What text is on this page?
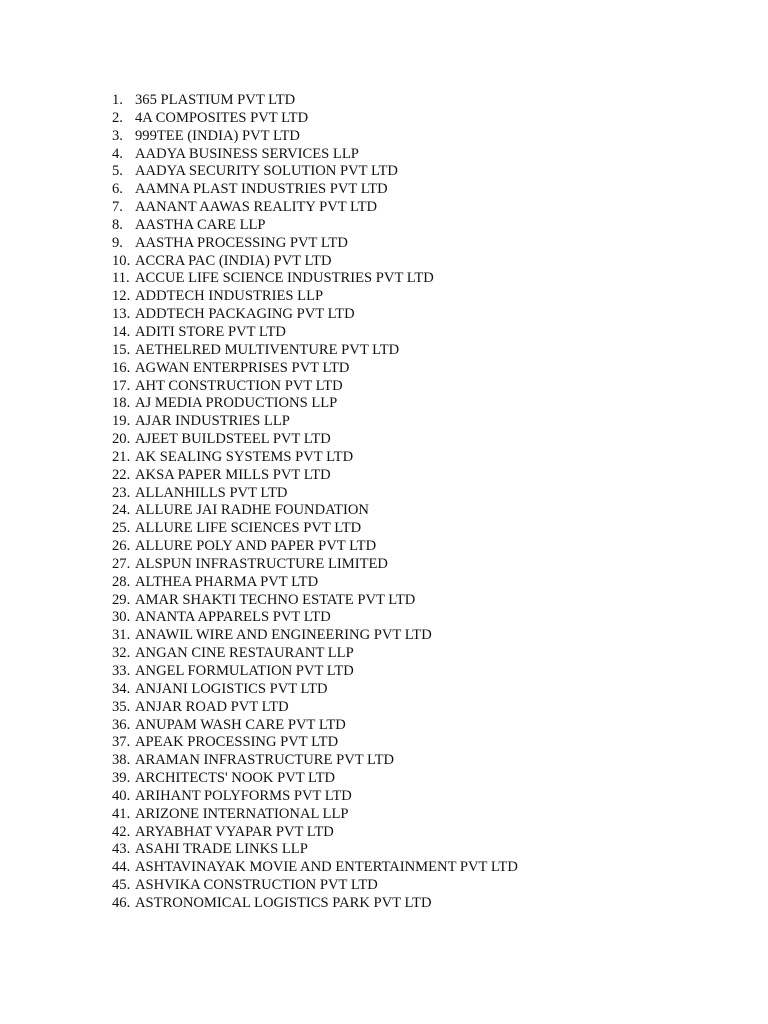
1. 365 PLASTIUM PVT LTD
2. 4A COMPOSITES PVT LTD
3. 999TEE (INDIA) PVT LTD
4. AADYA BUSINESS SERVICES LLP
5. AADYA SECURITY SOLUTION PVT LTD
6. AAMNA PLAST INDUSTRIES PVT LTD
7. AANANT AAWAS REALITY PVT LTD
8. AASTHA CARE LLP
9. AASTHA PROCESSING PVT LTD
10. ACCRA PAC (INDIA) PVT LTD
11. ACCUE LIFE SCIENCE INDUSTRIES PVT LTD
12. ADDTECH INDUSTRIES LLP
13. ADDTECH PACKAGING PVT LTD
14. ADITI STORE PVT LTD
15. AETHELRED MULTIVENTURE PVT LTD
16. AGWAN ENTERPRISES PVT LTD
17. AHT CONSTRUCTION PVT LTD
18. AJ MEDIA PRODUCTIONS LLP
19. AJAR INDUSTRIES LLP
20. AJEET BUILDSTEEL PVT LTD
21. AK SEALING SYSTEMS PVT LTD
22. AKSA PAPER MILLS PVT LTD
23. ALLANHILLS PVT LTD
24. ALLURE JAI RADHE FOUNDATION
25. ALLURE LIFE SCIENCES PVT LTD
26. ALLURE POLY AND PAPER PVT LTD
27. ALSPUN INFRASTRUCTURE LIMITED
28. ALTHEA PHARMA PVT LTD
29. AMAR SHAKTI TECHNO ESTATE PVT LTD
30. ANANTA APPARELS PVT LTD
31. ANAWIL WIRE AND ENGINEERING PVT LTD
32. ANGAN CINE RESTAURANT LLP
33. ANGEL FORMULATION PVT LTD
34. ANJANI LOGISTICS PVT LTD
35. ANJAR ROAD PVT LTD
36. ANUPAM WASH CARE PVT LTD
37. APEAK PROCESSING PVT LTD
38. ARAMAN INFRASTRUCTURE PVT LTD
39. ARCHITECTS' NOOK PVT LTD
40. ARIHANT POLYFORMS PVT LTD
41. ARIZONE INTERNATIONAL LLP
42. ARYABHAT VYAPAR PVT LTD
43. ASAHI TRADE LINKS LLP
44. ASHTAVINAYAK MOVIE AND ENTERTAINMENT PVT LTD
45. ASHVIKA CONSTRUCTION PVT LTD
46. ASTRONOMICAL LOGISTICS PARK PVT LTD
